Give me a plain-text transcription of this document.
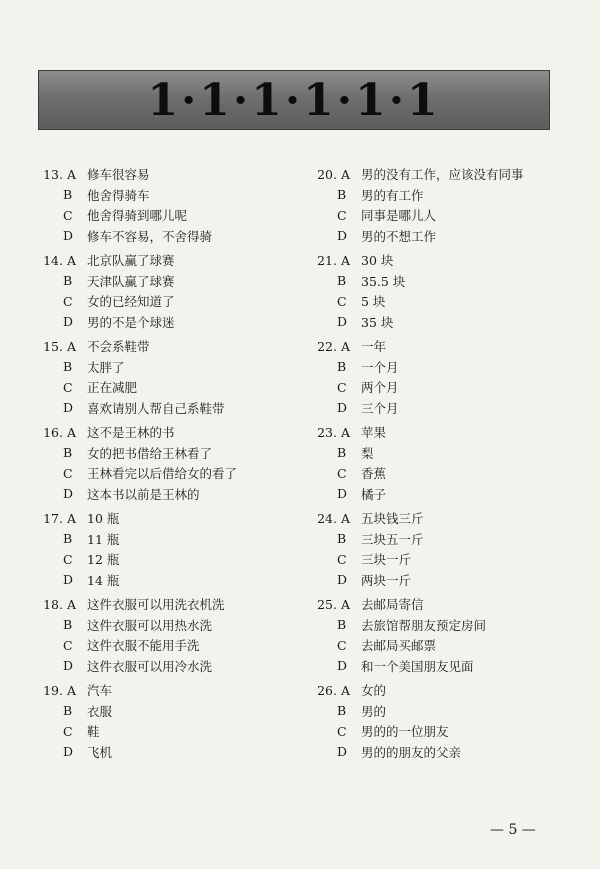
1·1·1·1·1·1
13. A 修车很容易
B	他舍得骑车
C	他舍得骑到哪儿呢
D	修车不容易，不舍得骑
14. A 北京队赢了球赛
B	天津队赢了球赛
C	女的已经知道了
D	男的不是个球迷
15. A 不会系鞋带
B	太胖了
C	正在减肥
D	喜欢请别人帮自己系鞋带
16. A 这不是王林的书
B	女的把书借给王林看了
C	王林看完以后借给女的看了
D	这本书以前是王林的
17. A 10 瓶
B	11 瓶
C	12 瓶
D	14 瓶
18. A 这件衣服可以用洗衣机洗
B	这件衣服可以用热水洗
C	这件衣服不能用手洗
D	这件衣服可以用冷水洗
19. A 汽车
B	衣服
C	鞋
D	飞机
20. A 男的没有工作，应该没有同事
B	男的有工作
C	同事是哪儿人
D	男的不想工作
21. A 30 块
B	35.5 块
C	5 块
D	35 块
22. A 一年
B	一个月
C	两个月
D	三个月
23. A 苹果
B	梨
C	香蕉
D	橘子
24. A 五块钱三斤
B	三块五一斤
C	三块一斤
D	两块一斤
25. A 去邮局寄信
B	去旅馆帮朋友预定房间
C	去邮局买邮票
D	和一个美国朋友见面
26. A 女的
B	男的
C	男的的一位朋友
D	男的的朋友的父亲
— 5 —
